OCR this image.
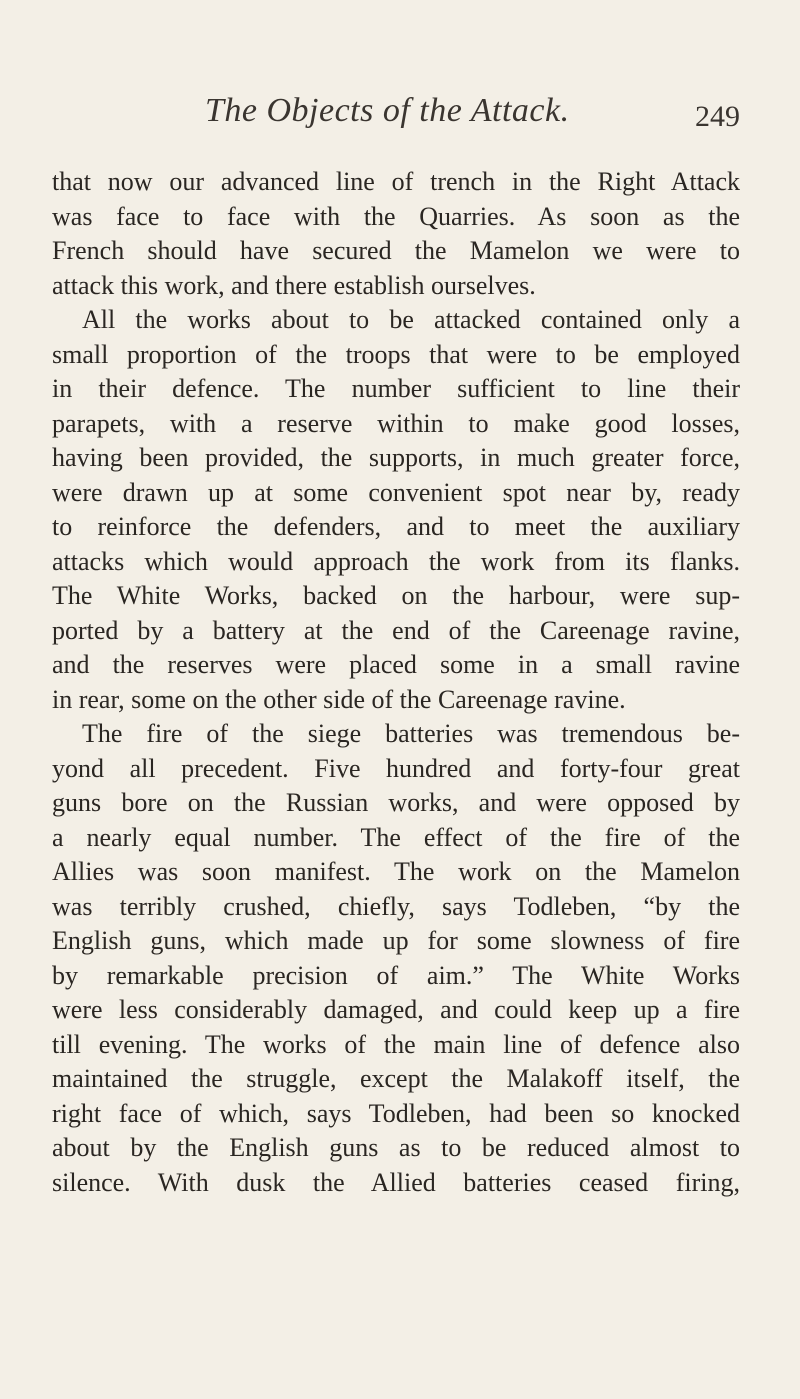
The Objects of the Attack.	249
that now our advanced line of trench in the Right Attack
was face to face with the Quarries. As soon as the
French should have secured the Mamelon we were to
attack this work, and there establish ourselves.
All the works about to be attacked contained only a
small proportion of the troops that were to be employed
in their defence. The number sufficient to line their
parapets, with a reserve within to make good losses,
having been provided, the supports, in much greater force,
were drawn up at some convenient spot near by, ready
to reinforce the defenders, and to meet the auxiliary
attacks which would approach the work from its flanks.
The White Works, backed on the harbour, were sup-
ported by a battery at the end of the Careenage ravine,
and the reserves were placed some in a small ravine
in rear, some on the other side of the Careenage ravine.
The fire of the siege batteries was tremendous be-
yond all precedent. Five hundred and forty-four great
guns bore on the Russian works, and were opposed by
a nearly equal number. The effect of the fire of the
Allies was soon manifest. The work on the Mamelon
was terribly crushed, chiefly, says Todleben, “by the
English guns, which made up for some slowness of fire
by remarkable precision of aim.” The White Works
were less considerably damaged, and could keep up a fire
till evening. The works of the main line of defence also
maintained the struggle, except the Malakoff itself, the
right face of which, says Todleben, had been so knocked
about by the English guns as to be reduced almost to
silence. With dusk the Allied batteries ceased firing,
